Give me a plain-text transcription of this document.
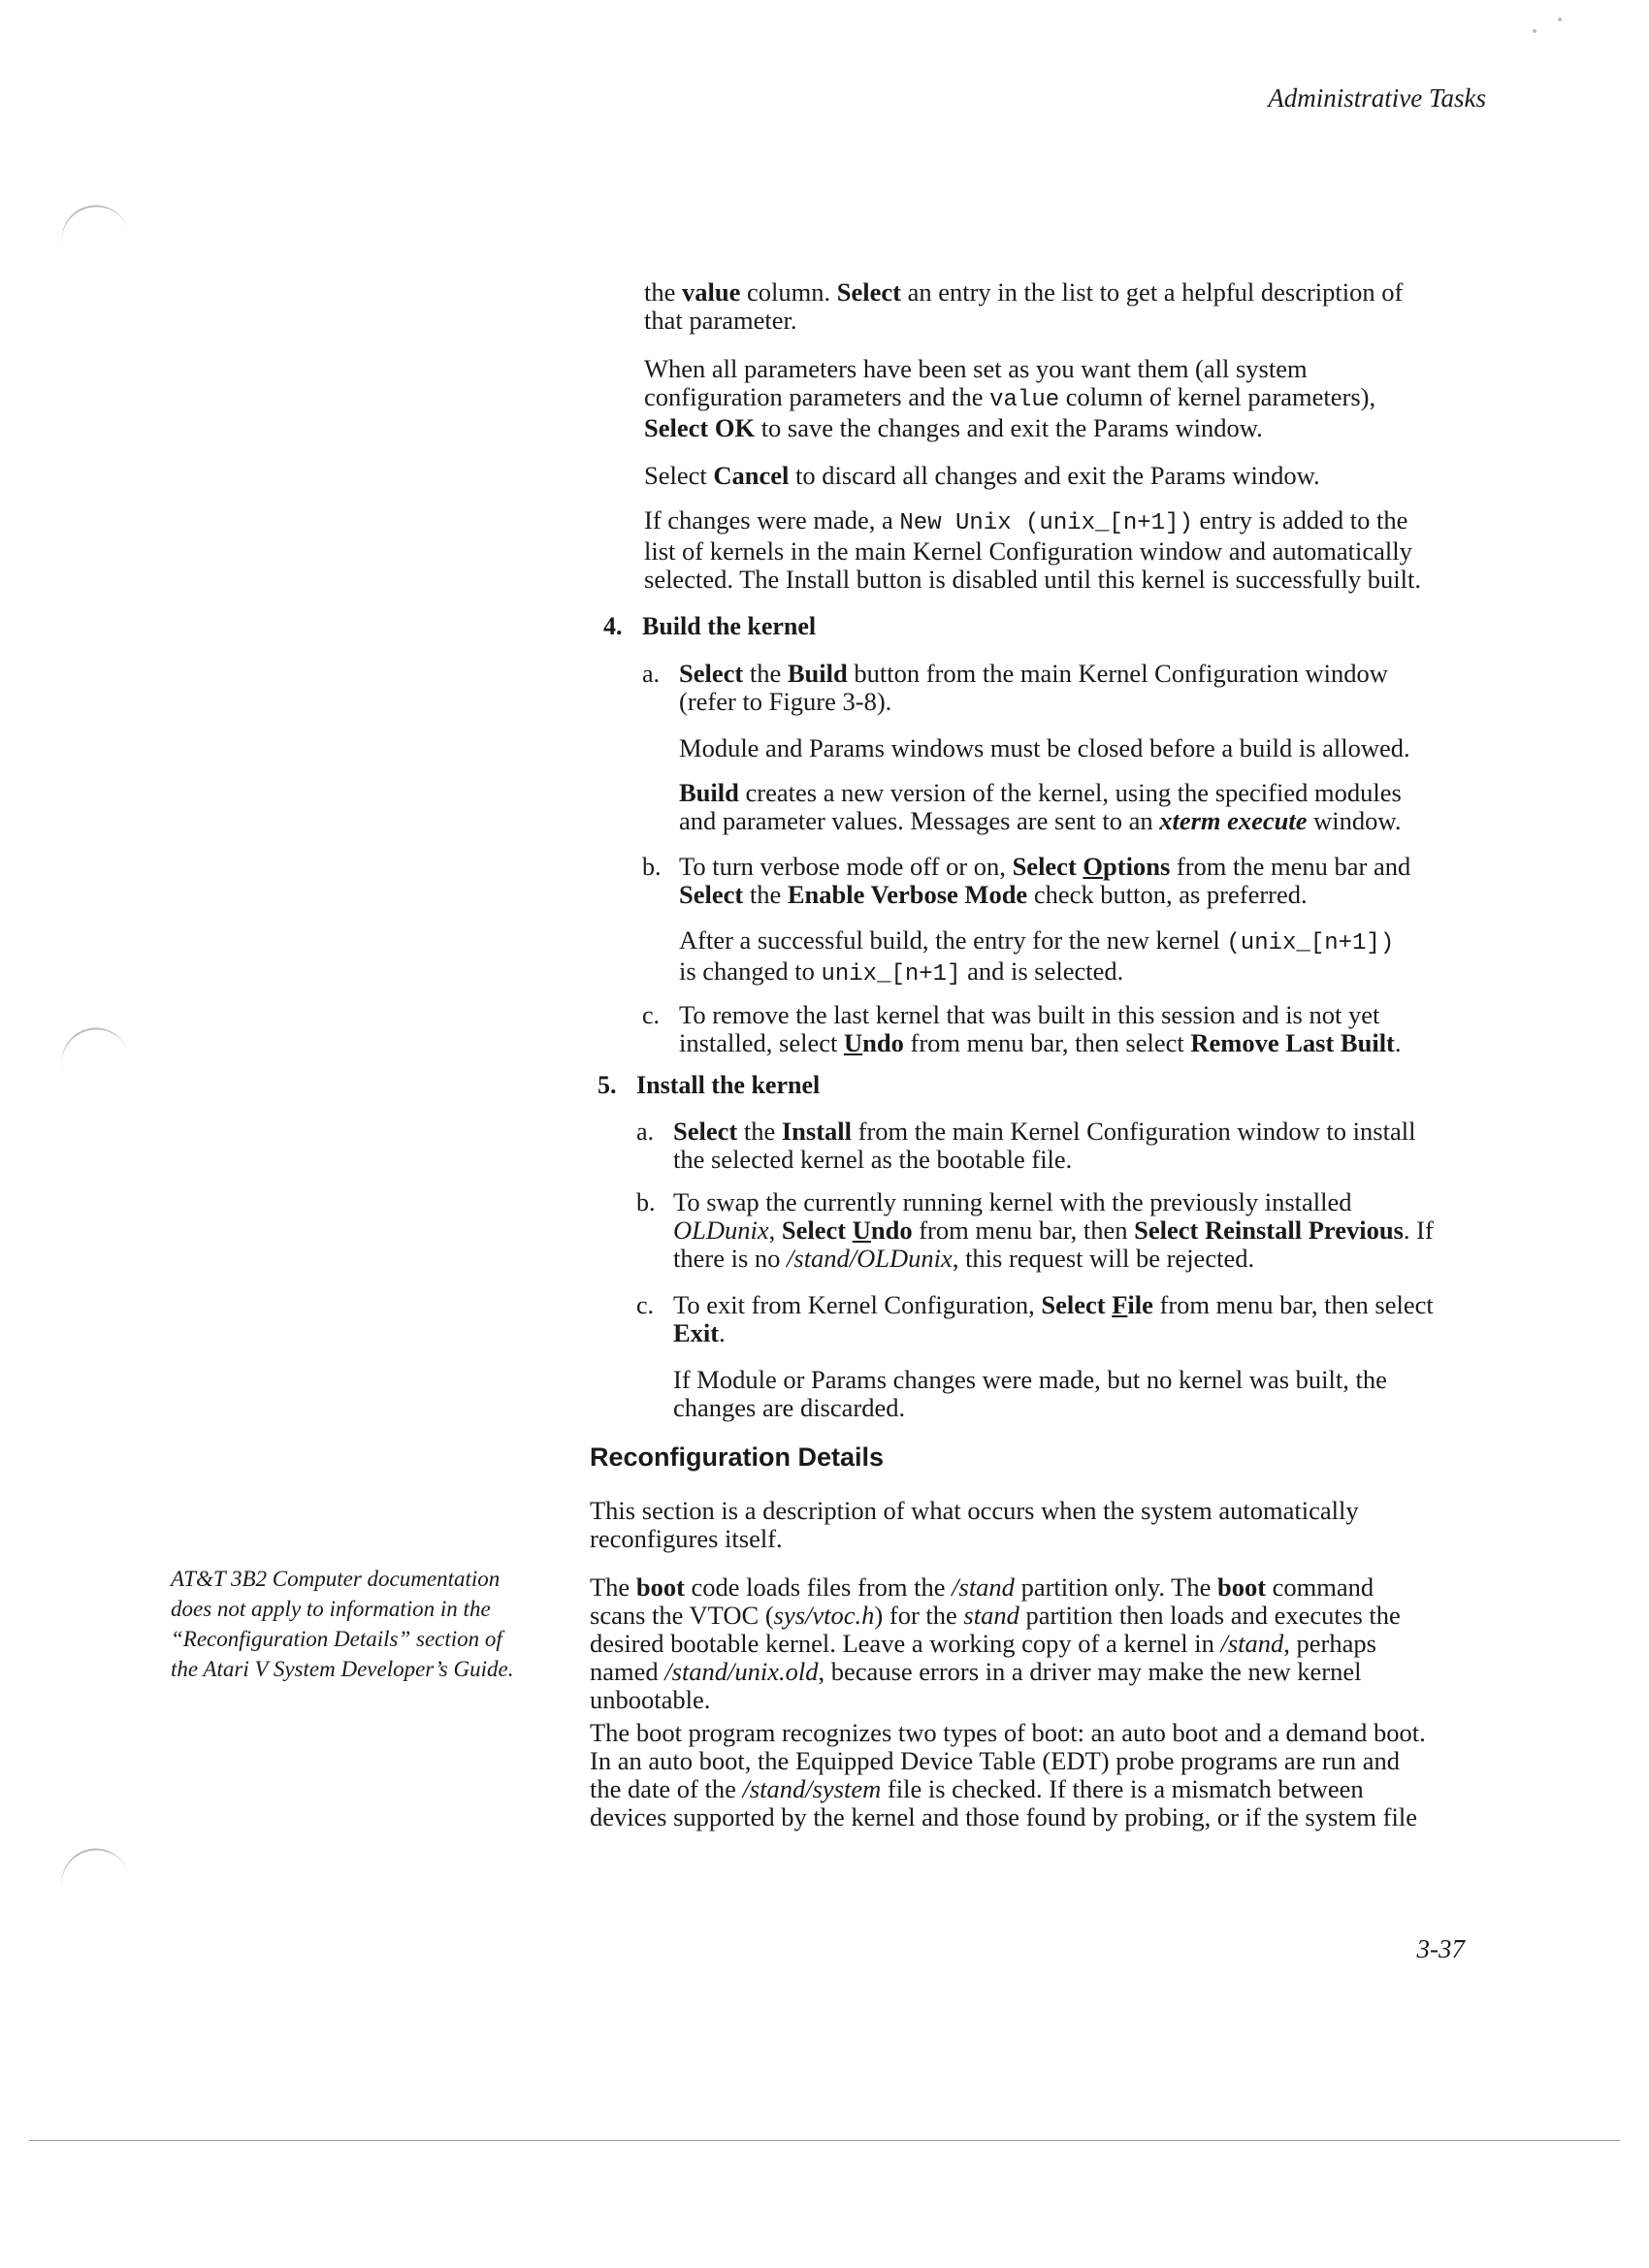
Administrative Tasks

the value column. Select an entry in the list to get a helpful description of
that parameter.

When all parameters have been set as you want them (all system
configuration parameters and the value column of kernel parameters),
Select OK to save the changes and exit the Params window.

Select Cancel to discard all changes and exit the Params window.

If changes were made, a New Unix (unix_[n+1]) entry is added to the
list of kernels in the main Kernel Configuration window and automatically
selected. The Install button is disabled until this kernel is successfully built.

4. Build the kernel
a. Select the Build button from the main Kernel Configuration window
(refer to Figure 3-8).

Module and Params windows must be closed before a build is allowed.

Build creates a new version of the kernel, using the specified modules
and parameter values. Messages are sent to an xterm execute window.

b. To turn verbose mode off or on, Select Options from the menu bar and
Select the Enable Verbose Mode check button, as preferred.

After a successful build, the entry for the new kernel (unix_[n+1])
is changed to unix_[n+1] and is selected.

c. To remove the last kernel that was built in this session and is not yet
installed, select Undo from menu bar, then select Remove Last Built.

5. Install the kernel
a. Select the Install from the main Kernel Configuration window to install
the selected kernel as the bootable file.

b. To swap the currently running kernel with the previously installed
OLDunix, Select Undo from menu bar, then Select Reinstall Previous. If
there is no /stand/OLDunix, this request will be rejected.

c. To exit from Kernel Configuration, Select File from menu bar, then select
Exit.

If Module or Params changes were made, but no kernel was built, the
changes are discarded.

Reconfiguration Details

This section is a description of what occurs when the system automatically
reconfigures itself.

The boot code loads files from the /stand partition only. The boot command
scans the VTOC (sys/vtoc.h) for the stand partition then loads and executes the
desired bootable kernel. Leave a working copy of a kernel in /stand, perhaps
named /stand/unix.old, because errors in a driver may make the new kernel
unbootable.

The boot program recognizes two types of boot: an auto boot and a demand boot.
In an auto boot, the Equipped Device Table (EDT) probe programs are run and
the date of the /stand/system file is checked. If there is a mismatch between
devices supported by the kernel and those found by probing, or if the system file

AT&T 3B2 Computer documentation
does not apply to information in the
“Reconfiguration Details” section of
the Atari V System Developer’s Guide.
3-37
